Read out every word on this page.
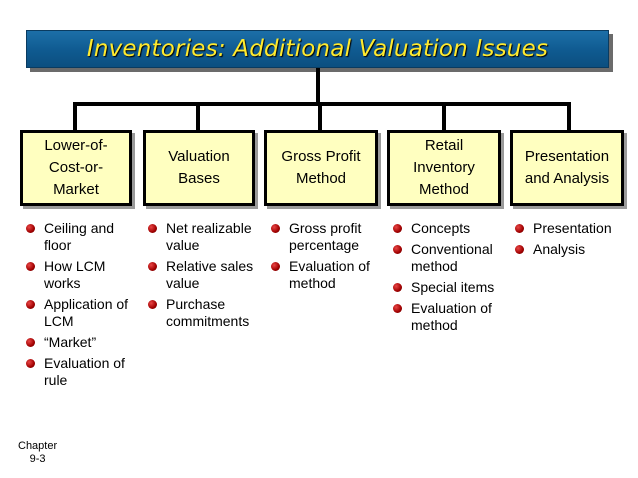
Inventories: Additional Valuation Issues
Lower-of-
Cost-or-
Market
Valuation
Bases
Gross Profit
Method
Retail
Inventory
Method
Presentation
and Analysis
Ceiling and
floor
How LCM
works
Application of
LCM
“Market”
Evaluation of
rule
Net realizable
value
Relative sales
value
Purchase
commitments
Gross profit
percentage
Evaluation of
method
Concepts
Conventional
method
Special items
Evaluation of
method
Presentation
Analysis
Chapter
9-3
